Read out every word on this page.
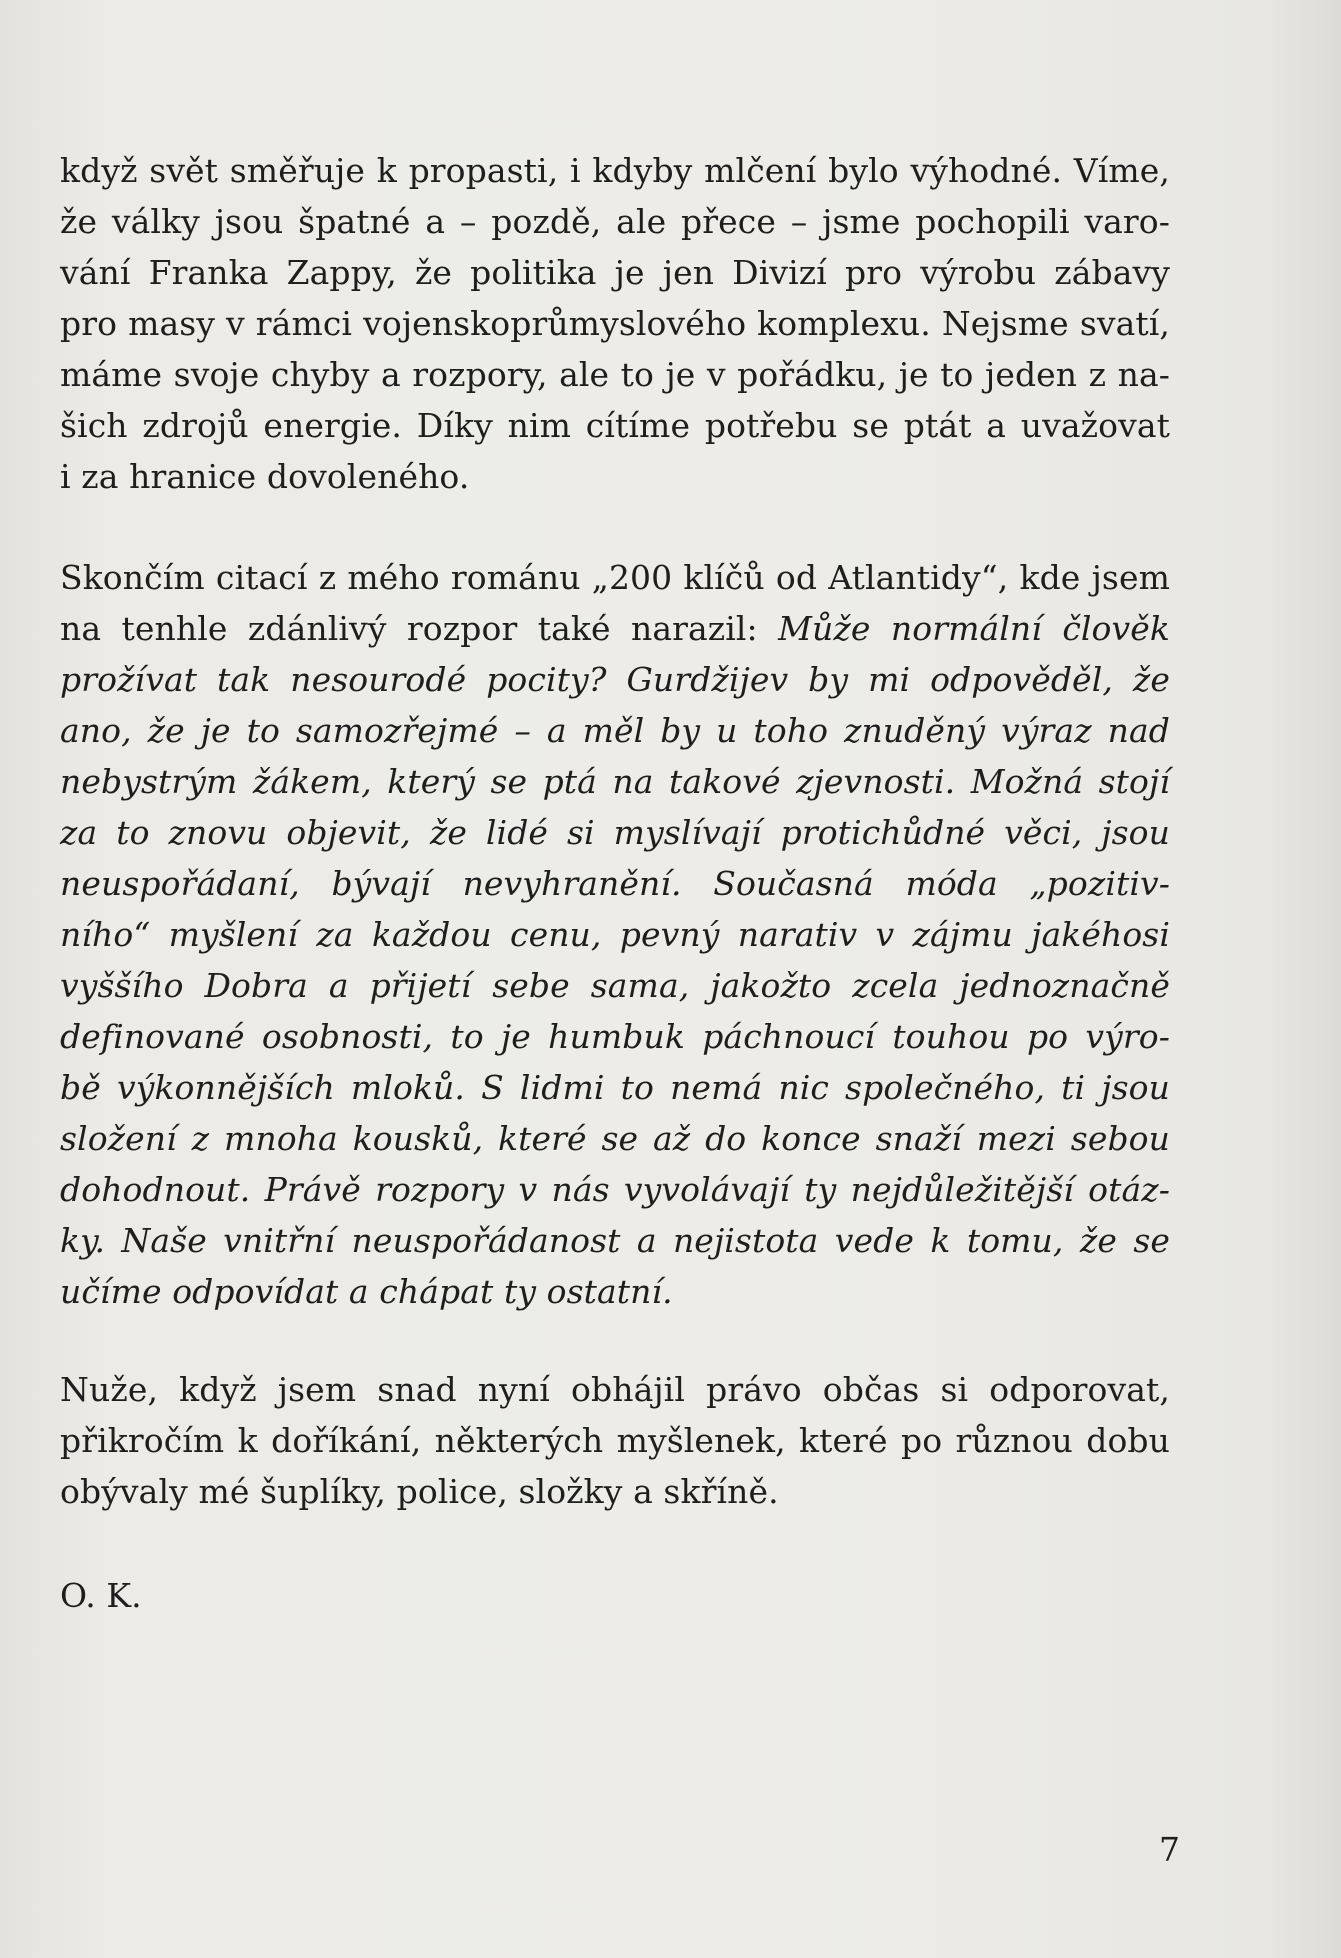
když svět směřuje k propasti, i kdyby mlčení bylo výhodné. Víme,

že války jsou špatné a – pozdě, ale přece – jsme pochopili varo-

vání Franka Zappy, že politika je jen Divizí pro výrobu zábavy

pro masy v rámci vojenskoprůmyslového komplexu. Nejsme svatí,

máme svoje chyby a rozpory, ale to je v pořádku, je to jeden z na-

šich zdrojů energie. Díky nim cítíme potřebu se ptát a uvažovat

i za hranice dovoleného.

Skončím citací z mého románu „200 klíčů od Atlantidy“, kde jsem

na tenhle zdánlivý rozpor také narazil: Může normální člověk

prožívat tak nesourodé pocity? Gurdžijev by mi odpověděl, že

ano, že je to samozřejmé – a měl by u toho znuděný výraz nad

nebystrým žákem, který se ptá na takové zjevnosti. Možná stojí

za to znovu objevit, že lidé si myslívají protichůdné věci, jsou

neuspořádaní, bývají nevyhranění. Současná móda „pozitiv-

ního“ myšlení za každou cenu, pevný narativ v zájmu jakéhosi

vyššího Dobra a přijetí sebe sama, jakožto zcela jednoznačně

definované osobnosti, to je humbuk páchnoucí touhou po výro-

bě výkonnějších mloků. S lidmi to nemá nic společného, ti jsou

složení z mnoha kousků, které se až do konce snaží mezi sebou

dohodnout. Právě rozpory v nás vyvolávají ty nejdůležitější otáz-

ky. Naše vnitřní neuspořádanost a nejistota vede k tomu, že se

učíme odpovídat a chápat ty ostatní.

Nuže, když jsem snad nyní obhájil právo občas si odporovat,

přikročím k doříkání, některých myšlenek, které po různou dobu

obývaly mé šuplíky, police, složky a skříně.

O. K.

7
